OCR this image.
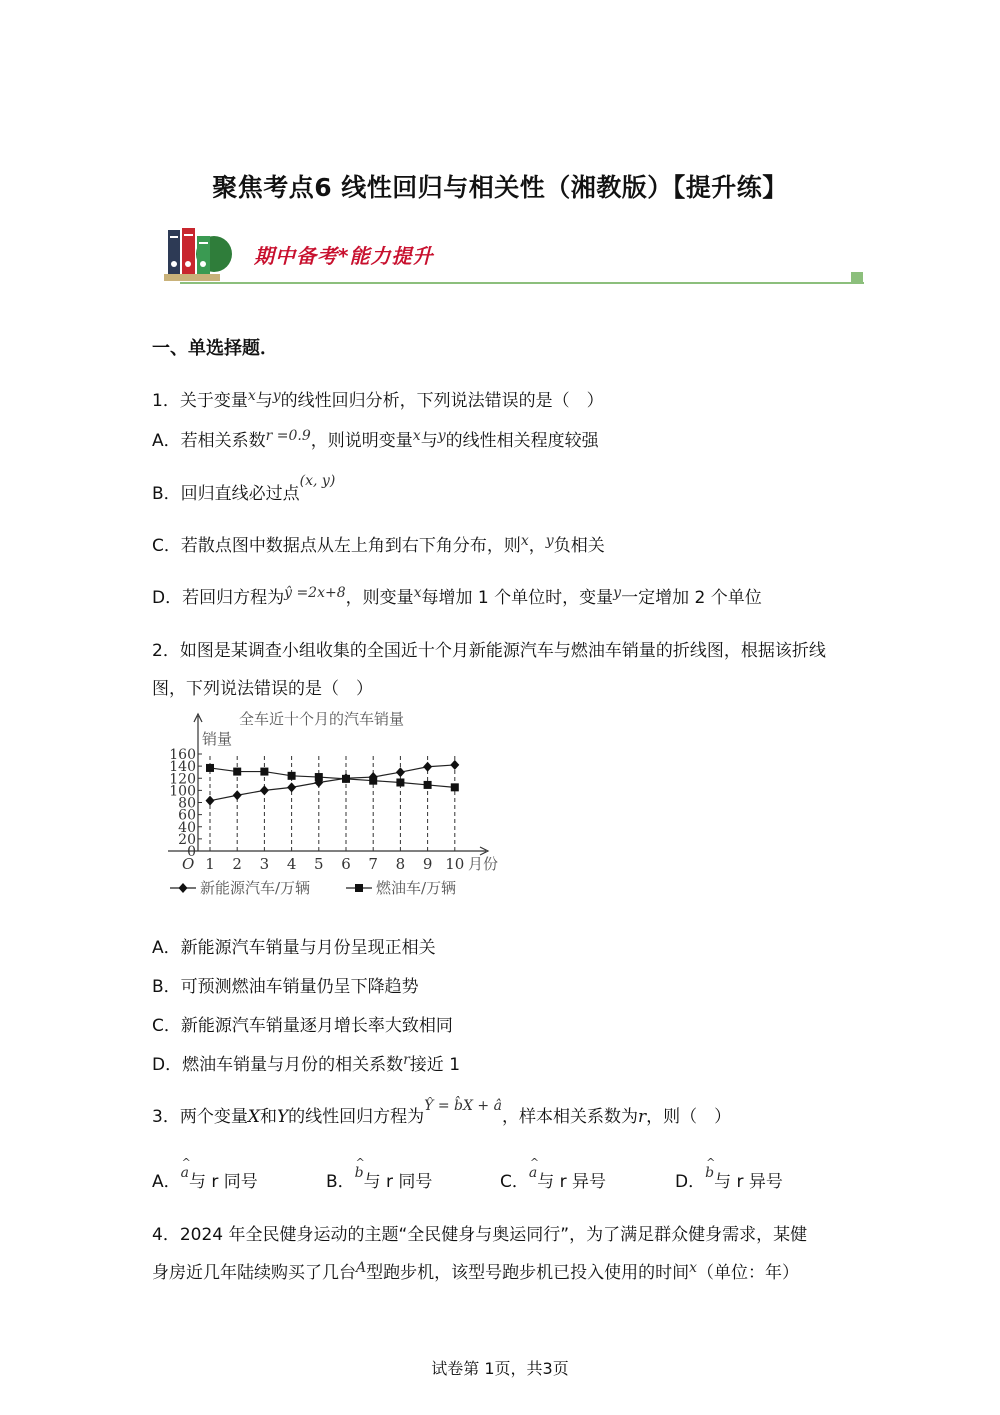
聚焦考点6 线性回归与相关性（湘教版）【提升练】
期中备考*能力提升
一、单选择题．
1．关于变量$^x$与$^y$的线性回归分析，下列说法错误的是（　）
A．若相关系数$^{r =0.9}$，则说明变量$^x$与$^y$的线性相关程度较强
B．回归直线必过点$^{(x, y)}$
C．若散点图中数据点从左上角到右下角分布，则$^x$，$^y$负相关
D．若回归方程为$^{ŷ =2x+8}$，则变量$^x$每增加 1 个单位时，变量$^y$一定增加 2 个单位
2．如图是某调查小组收集的全国近十个月新能源汽车与燃油车销量的折线图，根据该折线
图，下列说法错误的是（　）
全车近十个月的汽车销量
销量
O	月份
0
20
40
60
80
100
120
140
160
1 2 3 4 5 6 7 8 9 10
新能源汽车/万辆	燃油车/万辆
A．新能源汽车销量与月份呈现正相关
B．可预测燃油车销量仍呈下降趋势
C．新能源汽车销量逐月增长率大致相同
D．燃油车销量与月份的相关系数$^r$接近 1
3．两个变量X和Y的线性回归方程为$^{Ŷ = b̂X + â}$，样本相关系数为r，则（　）
A．^ a与 r 同号	B．^ b与 r 同号	C．^ a与 r 异号	D．^ b与 r 异号
4．2024 年全民健身运动的主题“全民健身与奥运同行”，为了满足群众健身需求，某健
身房近几年陆续购买了几台$^A$型跑步机，该型号跑步机已投入使用的时间$^x$（单位：年）
试卷第 1页，共3页
